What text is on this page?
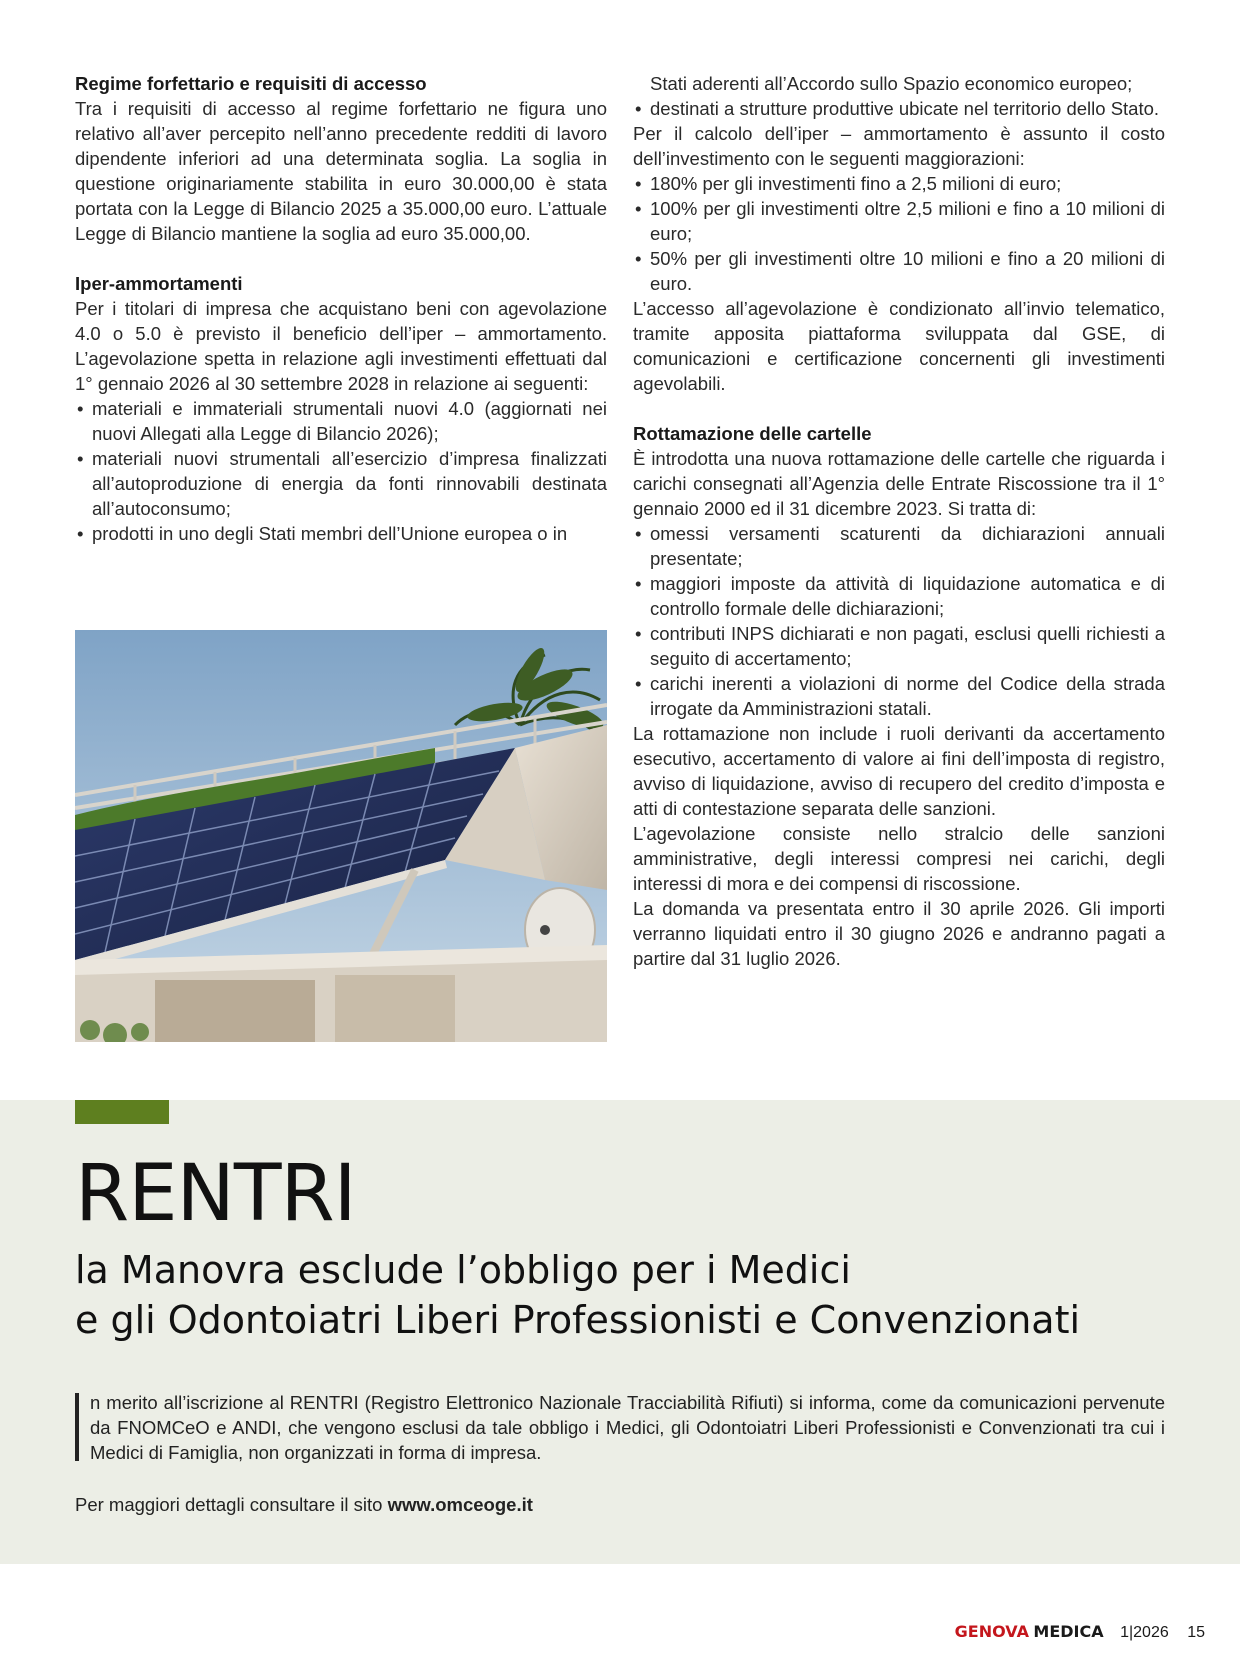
Regime forfettario e requisiti di accesso

Tra i requisiti di accesso al regime forfettario ne figura uno relativo all’aver percepito nell’anno precedente redditi di lavoro dipendente inferiori ad una determinata soglia. La soglia in questione originariamente stabilita in euro 30.000,00 è stata portata con la Legge di Bilancio 2025 a 35.000,00 euro. L’attuale Legge di Bilancio mantiene la soglia ad euro 35.000,00.

Iper-ammortamenti

Per i titolari di impresa che acquistano beni con agevolazione 4.0 o 5.0 è previsto il beneficio dell’iper – ammortamento. L’agevolazione spetta in relazione agli investimenti effettuati dal 1° gennaio 2026 al 30 settembre 2028 in relazione ai seguenti:

• materiali e immateriali strumentali nuovi 4.0 (aggiornati nei nuovi Allegati alla Legge di Bilancio 2026);
• materiali nuovi strumentali all’esercizio d’impresa finalizzati all’autoproduzione di energia da fonti rinnovabili destinata all’autoconsumo;
• prodotti in uno degli Stati membri dell’Unione europea o in

Stati aderenti all’Accordo sullo Spazio economico europeo;

• destinati a strutture produttive ubicate nel territorio dello Stato.

Per il calcolo dell’iper – ammortamento è assunto il costo dell’investimento con le seguenti maggiorazioni:

• 180% per gli investimenti fino a 2,5 milioni di euro;
• 100% per gli investimenti oltre 2,5 milioni e fino a 10 milioni di euro;
• 50% per gli investimenti oltre 10 milioni e fino a 20 milioni di euro.

L’accesso all’agevolazione è condizionato all’invio telematico, tramite apposita piattaforma sviluppata dal GSE, di comunicazioni e certificazione concernenti gli investimenti agevolabili.

Rottamazione delle cartelle

È introdotta una nuova rottamazione delle cartelle che riguarda i carichi consegnati all’Agenzia delle Entrate Riscossione tra il 1° gennaio 2000 ed il 31 dicembre 2023. Si tratta di:

• omessi versamenti scaturenti da dichiarazioni annuali presentate;
• maggiori imposte da attività di liquidazione automatica e di controllo formale delle dichiarazioni;
• contributi INPS dichiarati e non pagati, esclusi quelli richiesti a seguito di accertamento;
• carichi inerenti a violazioni di norme del Codice della strada irrogate da Amministrazioni statali.

La rottamazione non include i ruoli derivanti da accertamento esecutivo, accertamento di valore ai fini dell’imposta di registro, avviso di liquidazione, avviso di recupero del credito d’imposta e atti di contestazione separata delle sanzioni.

L’agevolazione consiste nello stralcio delle sanzioni amministrative, degli interessi compresi nei carichi, degli interessi di mora e dei compensi di riscossione.

La domanda va presentata entro il 30 aprile 2026. Gli importi verranno liquidati entro il 30 giugno 2026 e andranno pagati a partire dal 31 luglio 2026.

RENTRI
la Manovra esclude l’obbligo per i Medici
e gli Odontoiatri Liberi Professionisti e Convenzionati

n merito all’iscrizione al RENTRI (Registro Elettronico Nazionale Tracciabilità Rifiuti) si informa, come da comunicazioni pervenute da FNOMCeO e ANDI, che vengono esclusi da tale obbligo i Medici, gli Odontoiatri Liberi Professionisti e Convenzionati tra cui i Medici di Famiglia, non organizzati in forma di impresa.

Per maggiori dettagli consultare il sito www.omceoge.it
GENOVA MEDICA 1|2026 15
